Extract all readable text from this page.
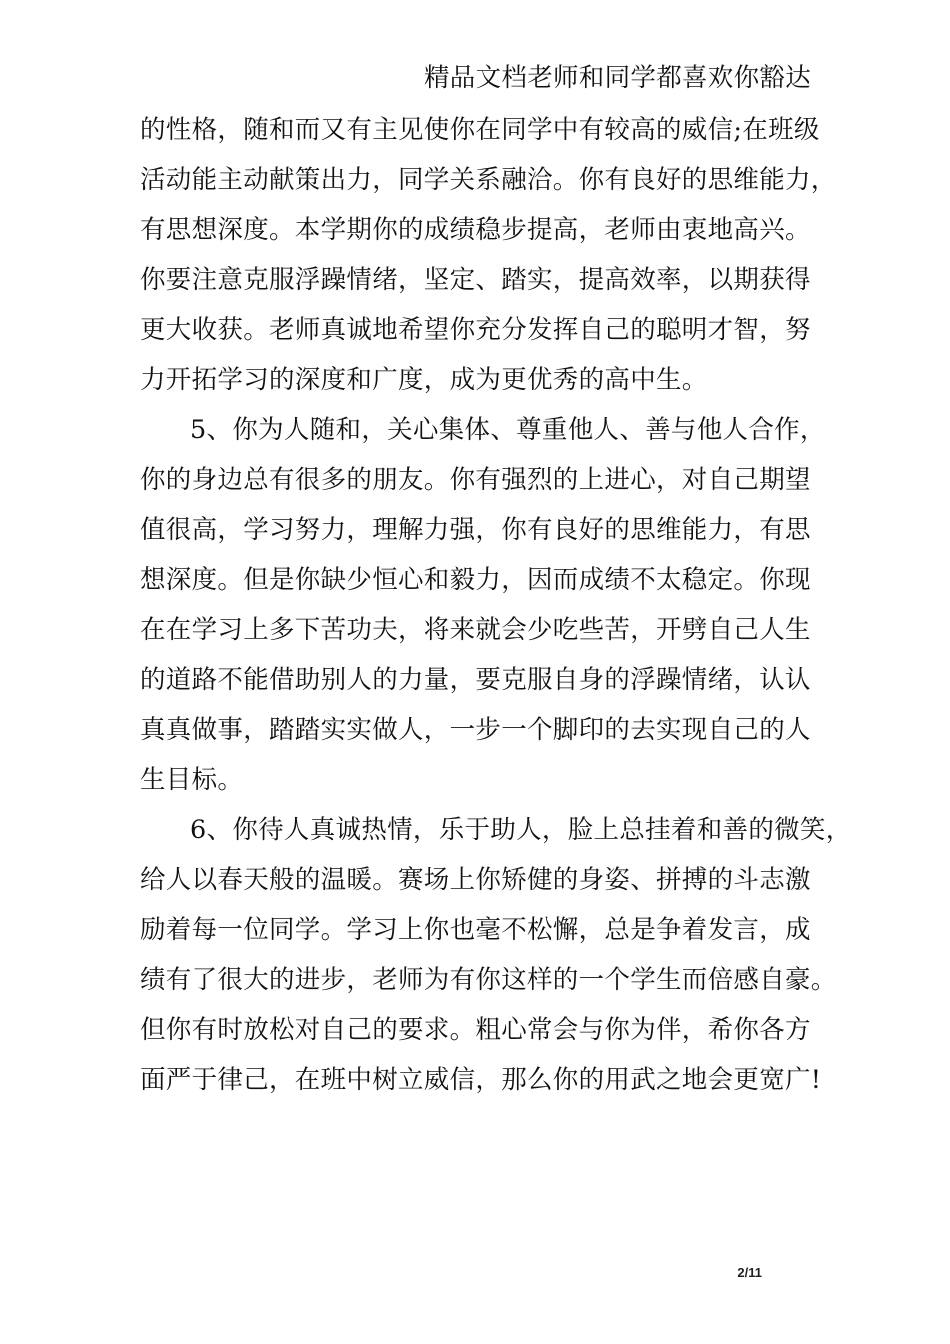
精品文档老师和同学都喜欢你豁达
的性格，随和而又有主见使你在同学中有较高的威信;在班级
活动能主动献策出力，同学关系融洽。你有良好的思维能力，
有思想深度。本学期你的成绩稳步提高，老师由衷地高兴。
你要注意克服浮躁情绪，坚定、踏实，提高效率，以期获得
更大收获。老师真诚地希望你充分发挥自己的聪明才智，努
力开拓学习的深度和广度，成为更优秀的高中生。
5、你为人随和，关心集体、尊重他人、善与他人合作，
你的身边总有很多的朋友。你有强烈的上进心，对自己期望
值很高，学习努力，理解力强，你有良好的思维能力，有思
想深度。但是你缺少恒心和毅力，因而成绩不太稳定。你现
在在学习上多下苦功夫，将来就会少吃些苦，开劈自己人生
的道路不能借助别人的力量，要克服自身的浮躁情绪，认认
真真做事，踏踏实实做人，一步一个脚印的去实现自己的人
生目标。
6、你待人真诚热情，乐于助人，脸上总挂着和善的微笑，
给人以春天般的温暖。赛场上你矫健的身姿、拼搏的斗志激
励着每一位同学。学习上你也毫不松懈，总是争着发言，成
绩有了很大的进步，老师为有你这样的一个学生而倍感自豪。
但你有时放松对自己的要求。粗心常会与你为伴，希你各方
面严于律己，在班中树立威信，那么你的用武之地会更宽广!
2/11
